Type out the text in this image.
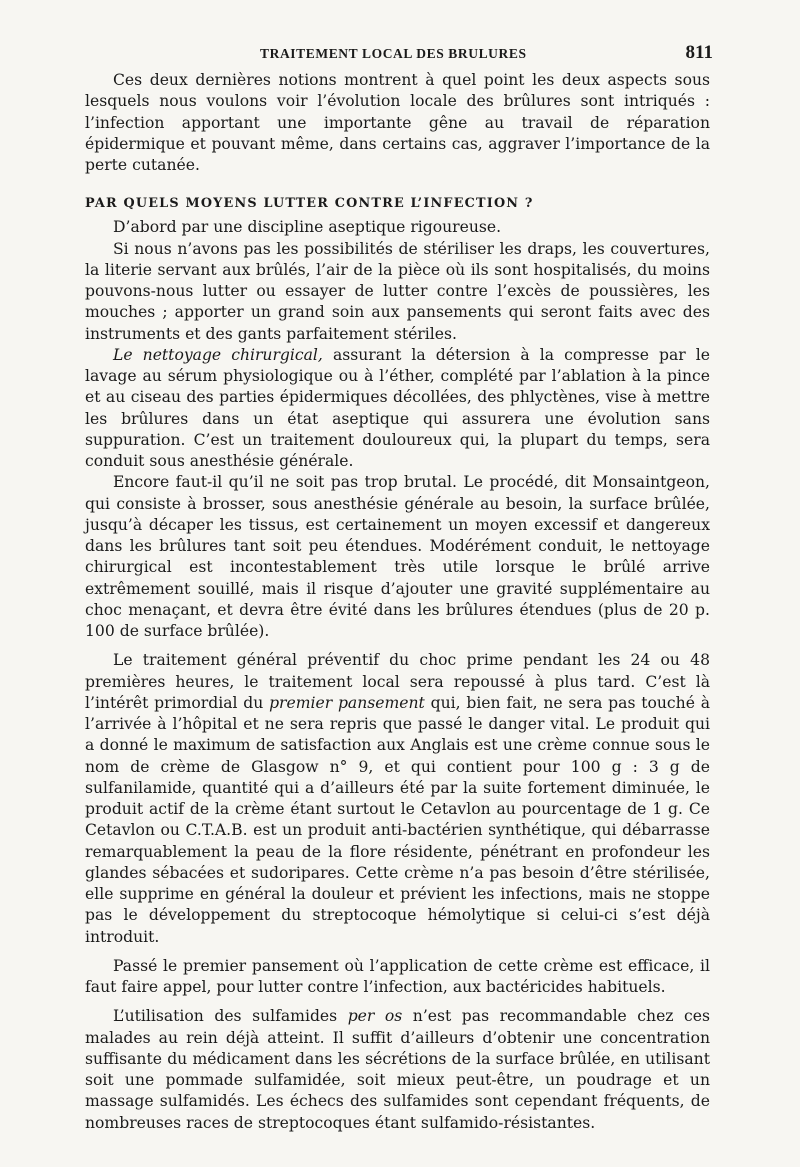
TRAITEMENT LOCAL DES BRULURES	811

Ces deux dernières notions montrent à quel point les deux aspects sous lesquels nous voulons voir l’évolution locale des brûlures sont intriqués : l’infection apportant une importante gêne au travail de réparation épidermique et pouvant même, dans certains cas, aggraver l’importance de la perte cutanée.

PAR QUELS MOYENS LUTTER CONTRE L’INFECTION ?

D’abord par une discipline aseptique rigoureuse.

Si nous n’avons pas les possibilités de stériliser les draps, les couvertures, la literie servant aux brûlés, l’air de la pièce où ils sont hospitalisés, du moins pouvons-nous lutter ou essayer de lutter contre l’excès de poussières, les mouches ; apporter un grand soin aux pansements qui seront faits avec des instruments et des gants parfaitement stériles.

Le nettoyage chirurgical, assurant la détersion à la compresse par le lavage au sérum physiologique ou à l’éther, complété par l’ablation à la pince et au ciseau des parties épidermiques décollées, des phlyctènes, vise à mettre les brûlures dans un état aseptique qui assurera une évolution sans suppuration. C’est un traitement douloureux qui, la plupart du temps, sera conduit sous anesthésie générale.

Encore faut-il qu’il ne soit pas trop brutal. Le procédé, dit Monsaintgeon, qui consiste à brosser, sous anesthésie générale au besoin, la surface brûlée, jusqu’à décaper les tissus, est certainement un moyen excessif et dangereux dans les brûlures tant soit peu étendues. Modérément conduit, le nettoyage chirurgical est incontestablement très utile lorsque le brûlé arrive extrêmement souillé, mais il risque d’ajouter une gravité supplémentaire au choc menaçant, et devra être évité dans les brûlures étendues (plus de 20 p. 100 de surface brûlée).

Le traitement général préventif du choc prime pendant les 24 ou 48 premières heures, le traitement local sera repoussé à plus tard. C’est là l’intérêt primordial du premier pansement qui, bien fait, ne sera pas touché à l’arrivée à l’hôpital et ne sera repris que passé le danger vital. Le produit qui a donné le maximum de satisfaction aux Anglais est une crème connue sous le nom de crème de Glasgow n° 9, et qui contient pour 100 g : 3 g de sulfanilamide, quantité qui a d’ailleurs été par la suite fortement diminuée, le produit actif de la crème étant surtout le Cetavlon au pourcentage de 1 g. Ce Cetavlon ou C.T.A.B. est un produit anti-bactérien synthétique, qui débarrasse remarquablement la peau de la flore résidente, pénétrant en profondeur les glandes sébacées et sudoripares. Cette crème n’a pas besoin d’être stérilisée, elle supprime en général la douleur et prévient les infections, mais ne stoppe pas le développement du streptocoque hémolytique si celui-ci s’est déjà introduit.

Passé le premier pansement où l’application de cette crème est efficace, il faut faire appel, pour lutter contre l’infection, aux bactéricides habituels.

L’utilisation des sulfamides per os n’est pas recommandable chez ces malades au rein déjà atteint. Il suffit d’ailleurs d’obtenir une concentration suffisante du médicament dans les sécrétions de la surface brûlée, en utilisant soit une pommade sulfamidée, soit mieux peut-être, un poudrage et un massage sulfamidés. Les échecs des sulfamides sont cependant fréquents, de nombreuses races de streptocoques étant sulfamido-résistantes.
